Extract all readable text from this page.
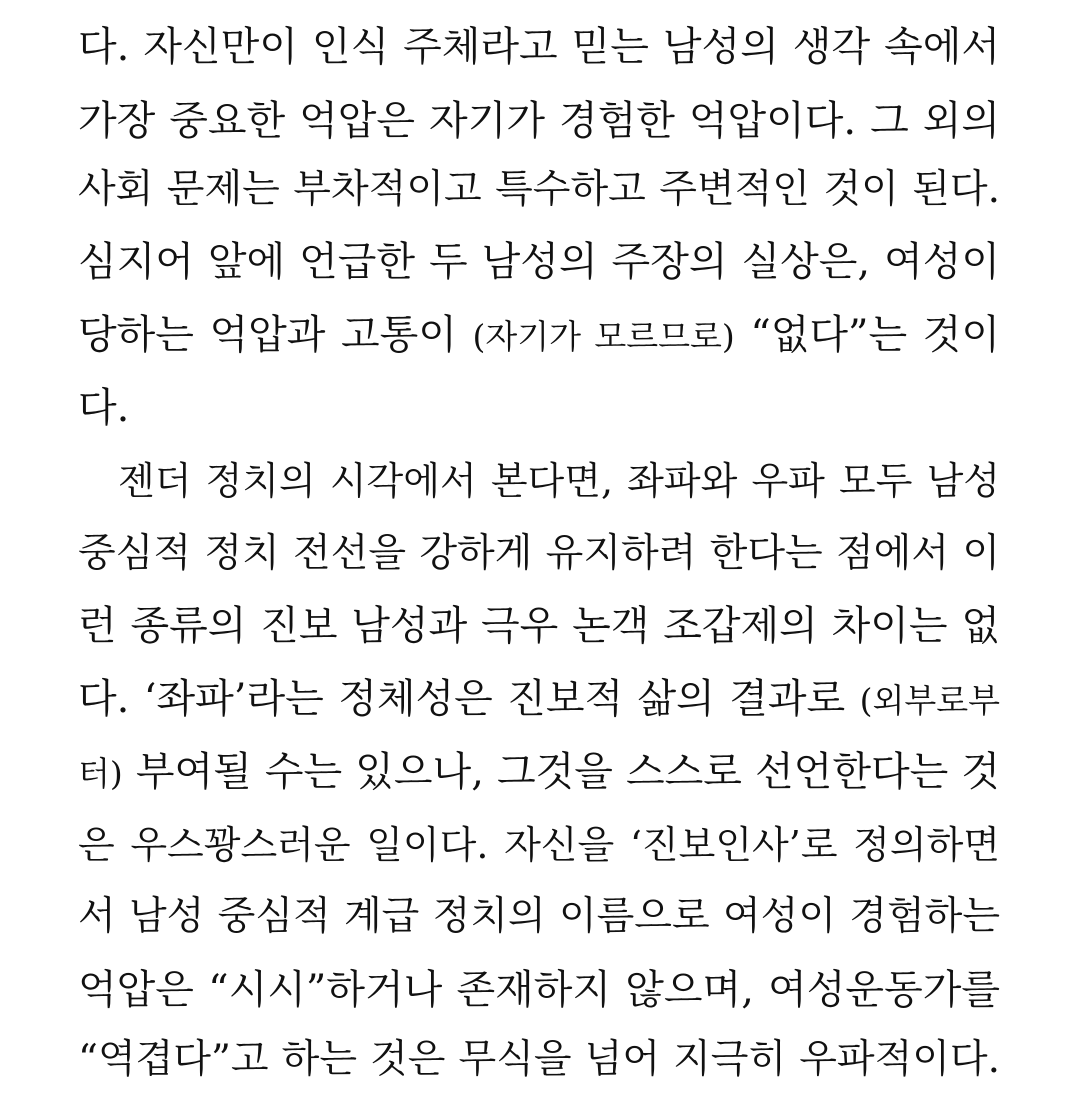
다. 자신만이 인식 주체라고 믿는 남성의 생각 속에서
가장 중요한 억압은 자기가 경험한 억압이다. 그 외의
사회 문제는 부차적이고 특수하고 주변적인 것이 된다.
심지어 앞에 언급한 두 남성의 주장의 실상은, 여성이
당하는 억압과 고통이 (자기가 모르므로) “없다”는 것이
다.
젠더 정치의 시각에서 본다면, 좌파와 우파 모두 남성
중심적 정치 전선을 강하게 유지하려 한다는 점에서 이
런 종류의 진보 남성과 극우 논객 조갑제의 차이는 없
다. ‘좌파’라는 정체성은 진보적 삶의 결과로 (외부로부
터) 부여될 수는 있으나, 그것을 스스로 선언한다는 것
은 우스꽝스러운 일이다. 자신을 ‘진보인사’로 정의하면
서 남성 중심적 계급 정치의 이름으로 여성이 경험하는
억압은 “시시”하거나 존재하지 않으며, 여성운동가를
“역겹다”고 하는 것은 무식을 넘어 지극히 우파적이다.
